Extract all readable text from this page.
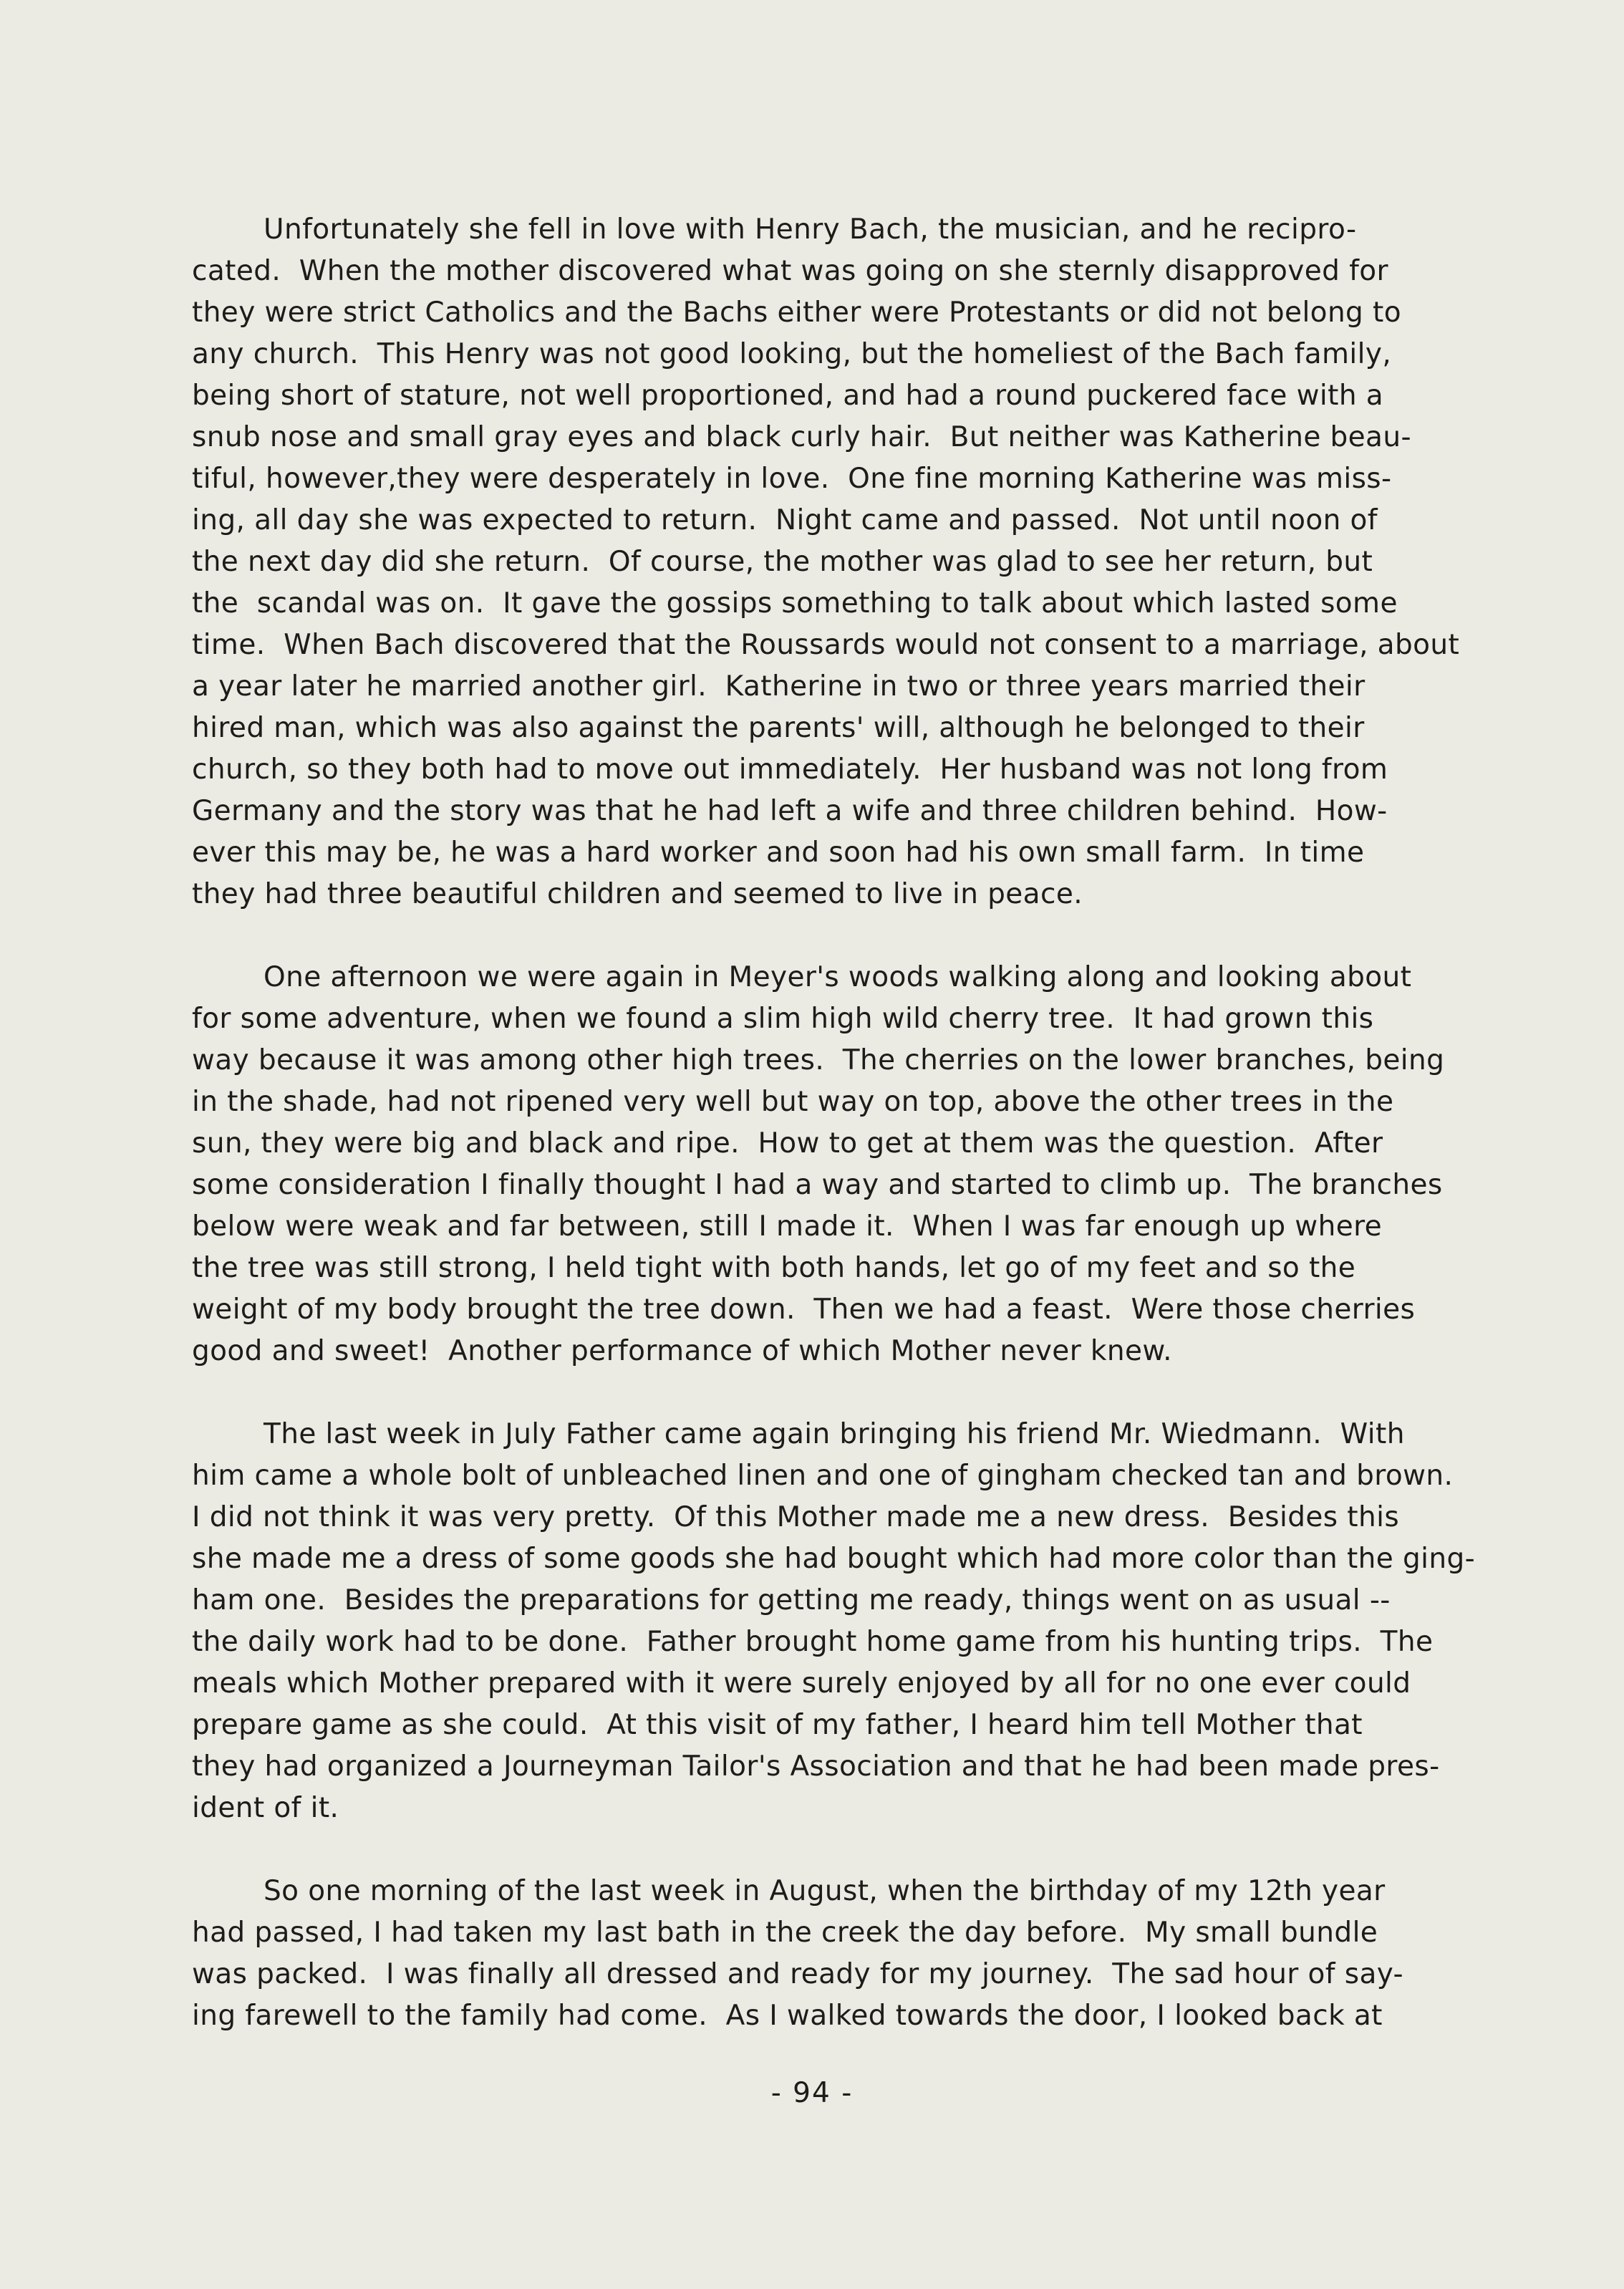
Unfortunately she fell in love with Henry Bach, the musician, and he recipro-
cated.  When the mother discovered what was going on she sternly disapproved for
they were strict Catholics and the Bachs either were Protestants or did not belong to
any church.  This Henry was not good looking, but the homeliest of the Bach family,
being short of stature, not well proportioned, and had a round puckered face with a
snub nose and small gray eyes and black curly hair.  But neither was Katherine beau-
tiful, however,they were desperately in love.  One fine morning Katherine was miss-
ing, all day she was expected to return.  Night came and passed.  Not until noon of
the next day did she return.  Of course, the mother was glad to see her return, but
the  scandal was on.  It gave the gossips something to talk about which lasted some
time.  When Bach discovered that the Roussards would not consent to a marriage, about
a year later he married another girl.  Katherine in two or three years married their
hired man, which was also against the parents' will, although he belonged to their
church, so they both had to move out immediately.  Her husband was not long from
Germany and the story was that he had left a wife and three children behind.  How-
ever this may be, he was a hard worker and soon had his own small farm.  In time
they had three beautiful children and seemed to live in peace.
One afternoon we were again in Meyer's woods walking along and looking about
for some adventure, when we found a slim high wild cherry tree.  It had grown this
way because it was among other high trees.  The cherries on the lower branches, being
in the shade, had not ripened very well but way on top, above the other trees in the
sun, they were big and black and ripe.  How to get at them was the question.  After
some consideration I finally thought I had a way and started to climb up.  The branches
below were weak and far between, still I made it.  When I was far enough up where
the tree was still strong, I held tight with both hands, let go of my feet and so the
weight of my body brought the tree down.  Then we had a feast.  Were those cherries
good and sweet!  Another performance of which Mother never knew.
The last week in July Father came again bringing his friend Mr. Wiedmann.  With
him came a whole bolt of unbleached linen and one of gingham checked tan and brown.
I did not think it was very pretty.  Of this Mother made me a new dress.  Besides this
she made me a dress of some goods she had bought which had more color than the ging-
ham one.  Besides the preparations for getting me ready, things went on as usual --
the daily work had to be done.  Father brought home game from his hunting trips.  The
meals which Mother prepared with it were surely enjoyed by all for no one ever could
prepare game as she could.  At this visit of my father, I heard him tell Mother that
they had organized a Journeyman Tailor's Association and that he had been made pres-
ident of it.
So one morning of the last week in August, when the birthday of my 12th year
had passed, I had taken my last bath in the creek the day before.  My small bundle
was packed.  I was finally all dressed and ready for my journey.  The sad hour of say-
ing farewell to the family had come.  As I walked towards the door, I looked back at
- 94 -
